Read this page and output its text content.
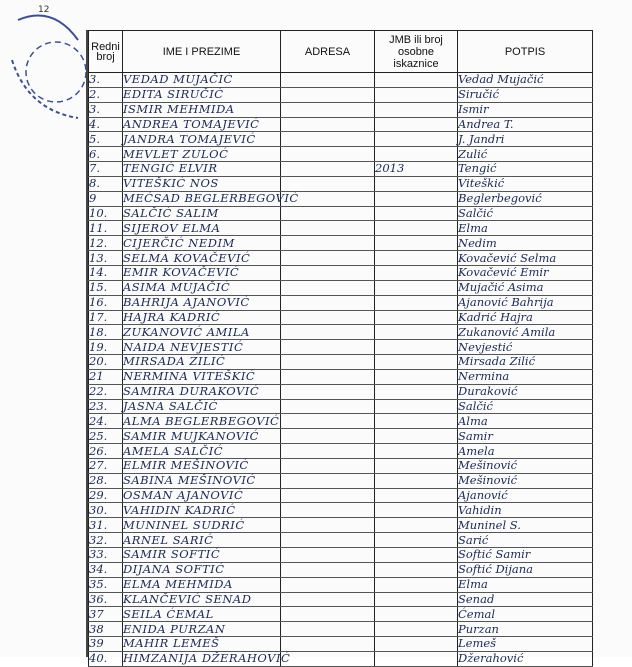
12
Redni broj	IME I PREZIME	ADRESA	JMB ili broj osobne iskaznice	POTPIS
3.	VEDAD MUJAČIĆ			Vedad Mujačić
2.	EDITA SIRUČIĆ			Siručić
3.	ISMIR MEHMIDA			Ismir
4.	ANDREA TOMAJEVIĆ			Andrea T.
5.	JANDRA TOMAJEVIĆ			J. Jandri
6.	MEVLET ZULOĆ			Zulić
7.	TENGIĆ ELVIR		2013	Tengić
8.	VITEŠKIĆ NOS			Viteškić
9	MEĆSAD BEGLERBEGOVIĆ			Beglerbegović
10.	SALČIĆ SALIM			Salčić
11.	SIJEROV ELMA			Elma
12.	CIJERČIĆ NEDIM			Nedim
13.	SELMA KOVAČEVIĆ			Kovačević Selma
14.	EMIR KOVAČEVIĆ			Kovačević Emir
15.	ASIMA MUJAČIĆ			Mujačić Asima
16.	BAHRIJA AJANOVIĆ			Ajanović Bahrija
17.	HAJRA KADRIĆ			Kadrić Hajra
18.	ZUKANOVIĆ AMILA			Zukanović Amila
19.	NAIDA NEVJESTIĆ			Nevjestić
20.	MIRSADA ZILIĆ			Mirsada Zilić
21	NERMINA VITEŠKIĆ			Nermina
22.	SAMIRA DURAKOVIĆ			Duraković
23.	JASNA SALČIĆ			Salčić
24.	ALMA BEGLERBEGOVIĆ			Alma
25.	SAMIR MUJKANOVIĆ			Samir
26.	AMELA SALČIĆ			Amela
27.	ELMIR MEŠINOVIĆ			Mešinović
28.	SABINA MEŠINOVIĆ			Mešinović
29.	OSMAN AJANOVIĆ			Ajanović
30.	VAHIDIN KADRIĆ			Vahidin
31.	MUNINEL SUDRIĆ			Muninel S.
32.	ARNEL SARIĆ			Sarić
33.	SAMIR SOFTIĆ			Softić Samir
34.	DIJANA SOFTIĆ			Softić Dijana
35.	ELMA MEHMIDA			Elma
36.	KLANČEVIĆ SENAD			Senad
37	SEILA ĆEMAL			Ćemal
38	ENIDA PURZAN			Purzan
39	MAHIR LEMEŠ			Lemeš
40.	HIMZANIJA DŽERAHOVIĆ			Džerahović
